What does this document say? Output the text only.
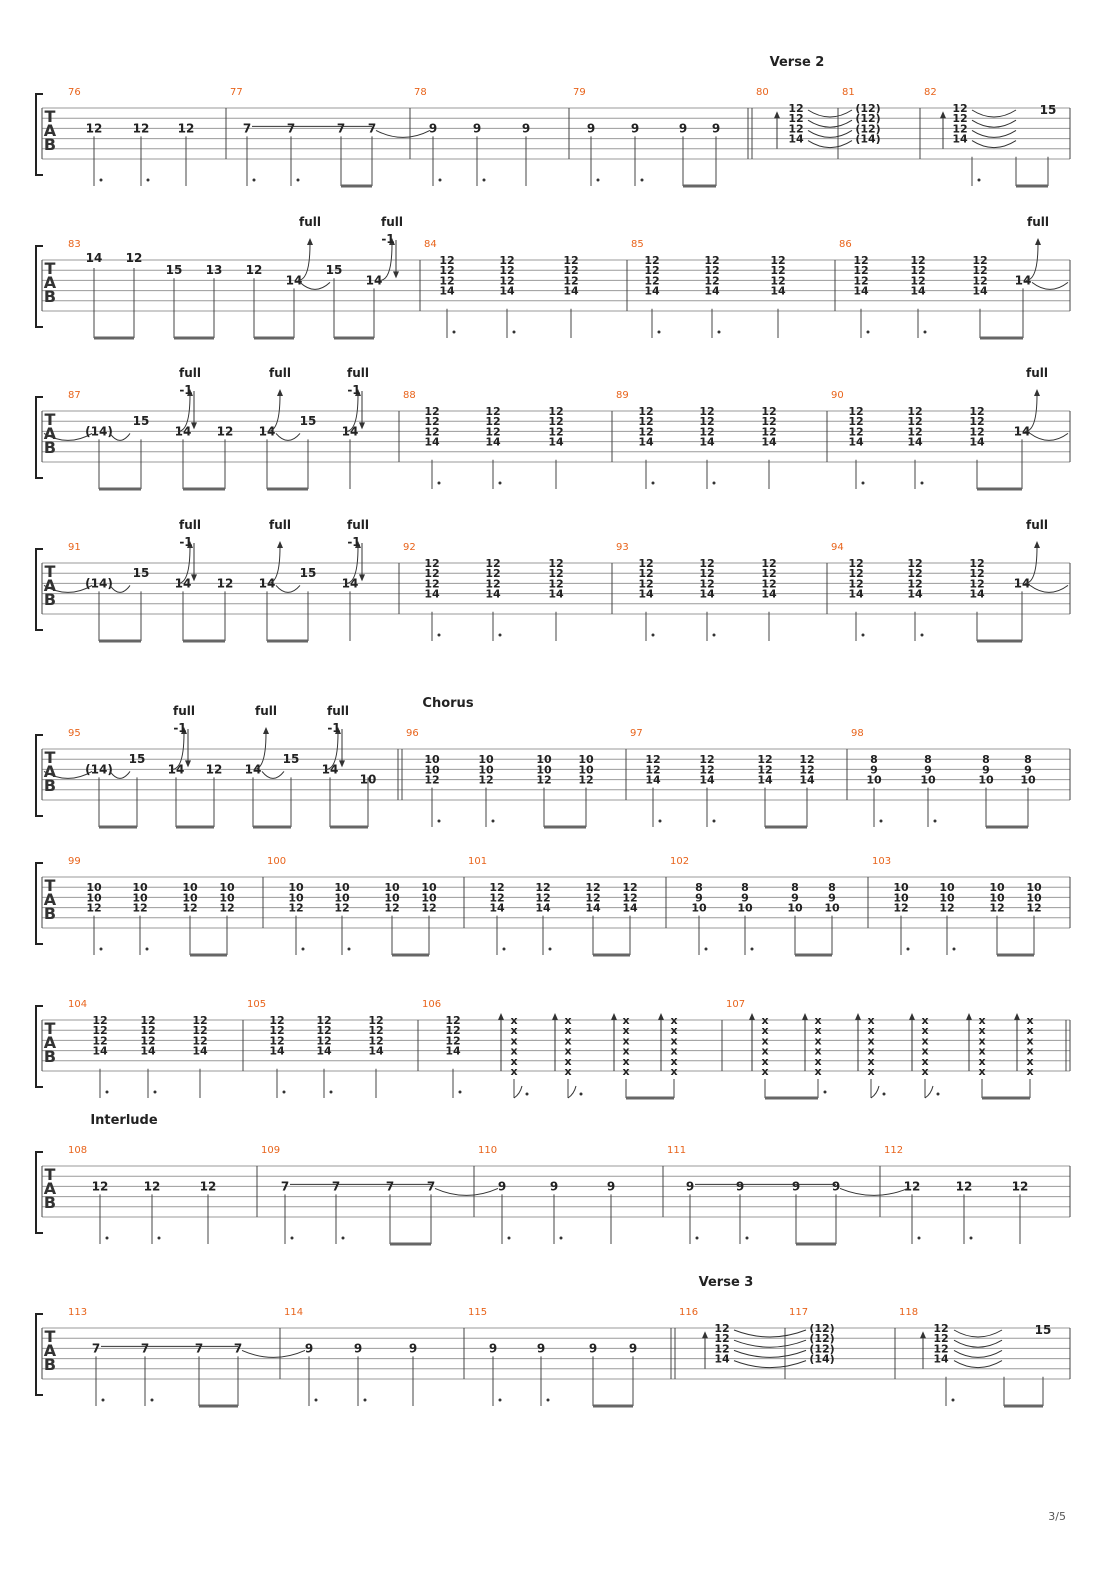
T
A
B
76	77	78	79	80	81	82
Verse 2
T
A
B
83	84	85	86
T
A
B
87	88	89	90
T
A
B
91	92	93	94
T
A
B
95	96	97	98
Chorus
T
A
B
99	100	101	102	103
T
A
B
104	105	106	107
T
A
B
108	109	110	111	112
Interlude
T
A
B
113	114	115	116	117	118
Verse 3
12	12 12	7	7	7 7	9	9	9	9	9	9 9
12
12
12
14
(12)
(12)
(12)
(14)
12
12
12
14
15
14 12
15 13 12
14
15
14
full	full
-1
12
12
12
14
12
12
12
14
12
12
12
14
12
12
12
14
12
12
12
14
12
12
12
14
12
12
12
14
12
12
12
14
12
12
12
14
14
full
(14)
15
14 12 14
15
14
full
-1
full	full
-1
12
12
12
14
12
12
12
14
12
12
12
14
12
12
12
14
12
12
12
14
12
12
12
14
12
12
12
14
12
12
12
14
12
12
12
14
14
full
(14)
15
14 12 14
15
14
full
-1
full	full
-1
12
12
12
14
12
12
12
14
12
12
12
14
12
12
12
14
12
12
12
14
12
12
12
14
12
12
12
14
12
12
12
14
12
12
12
14
14
full
(14)
15
14 12 14
15
14
10
full
-1
full	full
-1
10
10
12
10
10
12
10
10
12
10
10
12
12
12
14
12
12
14
12
12
14
12
12
14
8
9
10
8
9
10
8
9
10
8
9
10
10
10
12
10
10
12
10
10
12
10
10
12
10
10
12
10
10
12
10
10
12
10
10
12
12
12
14
12
12
14
12
12
14
12
12
14
8
9
10
8
9
10
8
9
10
8
9
10
10
10
12
10
10
12
10
10
12
10
10
12
12
12
12
14
12
12
12
14
12
12
12
14
12
12
12
14
12
12
12
14
12
12
12
14
12
12
12
14
x
x
x
x
x
x
x
x
x
x
x
x
x
x
x
x
x
x
x
x
x
x
x
x
x
x
x
x
x
x
x
x
x
x
x
x
x
x
x
x
x
x
x
x
x
x
x
x
x
x
x
x
x
x
x
x
x
x
x
x
12	12	12	7	7	7	7	9	9	9	9	9	9	9	12	12	12
7	7	7	7	9	9	9	9	9	9	9
12
12
12
14
(12)
(12)
(12)
(14)
12
12
12
14
15
3/5
